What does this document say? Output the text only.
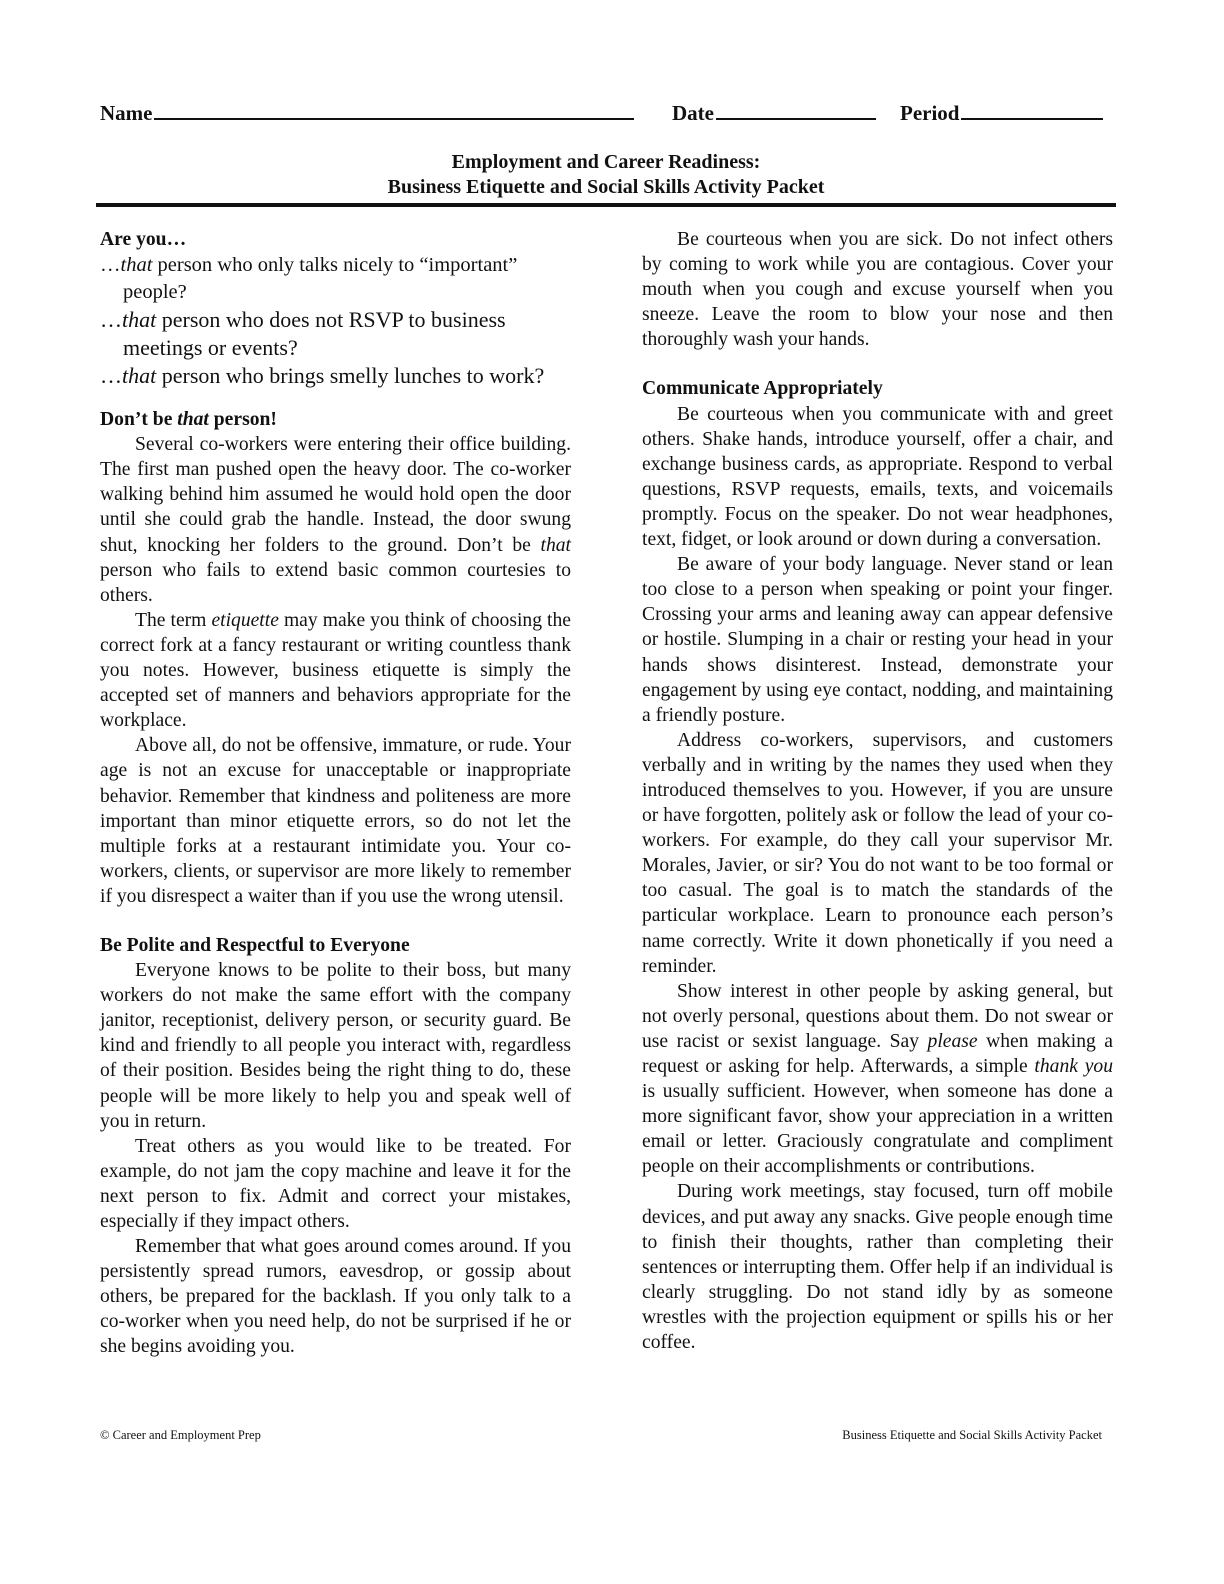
Name	Date	Period
Employment and Career Readiness:
Business Etiquette and Social Skills Activity Packet
Are you…

…that person who only talks nicely to “important” people?

…that person who does not RSVP to business meetings or events?

…that person who brings smelly lunches to work?

Don’t be that person!

Several co-workers were entering their office building. The first man pushed open the heavy door. The co-worker walking behind him assumed he would hold open the door until she could grab the handle. Instead, the door swung shut, knocking her folders to the ground. Don’t be that person who fails to extend basic common courtesies to others.

The term etiquette may make you think of choosing the correct fork at a fancy restaurant or writing countless thank you notes. However, business etiquette is simply the accepted set of manners and behaviors appropriate for the workplace.

Above all, do not be offensive, immature, or rude. Your age is not an excuse for unacceptable or inappropriate behavior. Remember that kindness and politeness are more important than minor etiquette errors, so do not let the multiple forks at a restaurant intimidate you. Your co-workers, clients, or supervisor are more likely to remember if you disrespect a waiter than if you use the wrong utensil.

Be Polite and Respectful to Everyone

Everyone knows to be polite to their boss, but many workers do not make the same effort with the company janitor, receptionist, delivery person, or security guard. Be kind and friendly to all people you interact with, regardless of their position. Besides being the right thing to do, these people will be more likely to help you and speak well of you in return.

Treat others as you would like to be treated. For example, do not jam the copy machine and leave it for the next person to fix. Admit and correct your mistakes, especially if they impact others.

Remember that what goes around comes around. If you persistently spread rumors, eavesdrop, or gossip about others, be prepared for the backlash. If you only talk to a co-worker when you need help, do not be surprised if he or she begins avoiding you.

Be courteous when you are sick. Do not infect others by coming to work while you are contagious. Cover your mouth when you cough and excuse yourself when you sneeze. Leave the room to blow your nose and then thoroughly wash your hands.

Communicate Appropriately

Be courteous when you communicate with and greet others. Shake hands, introduce yourself, offer a chair, and exchange business cards, as appropriate. Respond to verbal questions, RSVP requests, emails, texts, and voicemails promptly. Focus on the speaker. Do not wear headphones, text, fidget, or look around or down during a conversation.

Be aware of your body language. Never stand or lean too close to a person when speaking or point your finger. Crossing your arms and leaning away can appear defensive or hostile. Slumping in a chair or resting your head in your hands shows disinterest. Instead, demonstrate your engagement by using eye contact, nodding, and maintaining a friendly posture.

Address co-workers, supervisors, and customers verbally and in writing by the names they used when they introduced themselves to you. However, if you are unsure or have forgotten, politely ask or follow the lead of your co-workers. For example, do they call your supervisor Mr. Morales, Javier, or sir? You do not want to be too formal or too casual. The goal is to match the standards of the particular workplace. Learn to pronounce each person’s name correctly. Write it down phonetically if you need a reminder.

Show interest in other people by asking general, but not overly personal, questions about them. Do not swear or use racist or sexist language. Say please when making a request or asking for help. Afterwards, a simple thank you is usually sufficient. However, when someone has done a more significant favor, show your appreciation in a written email or letter. Graciously congratulate and compliment people on their accomplishments or contributions.

During work meetings, stay focused, turn off mobile devices, and put away any snacks. Give people enough time to finish their thoughts, rather than completing their sentences or interrupting them. Offer help if an individual is clearly struggling. Do not stand idly by as someone wrestles with the projection equipment or spills his or her coffee.

© Career and Employment Prep	Business Etiquette and Social Skills Activity Packet
